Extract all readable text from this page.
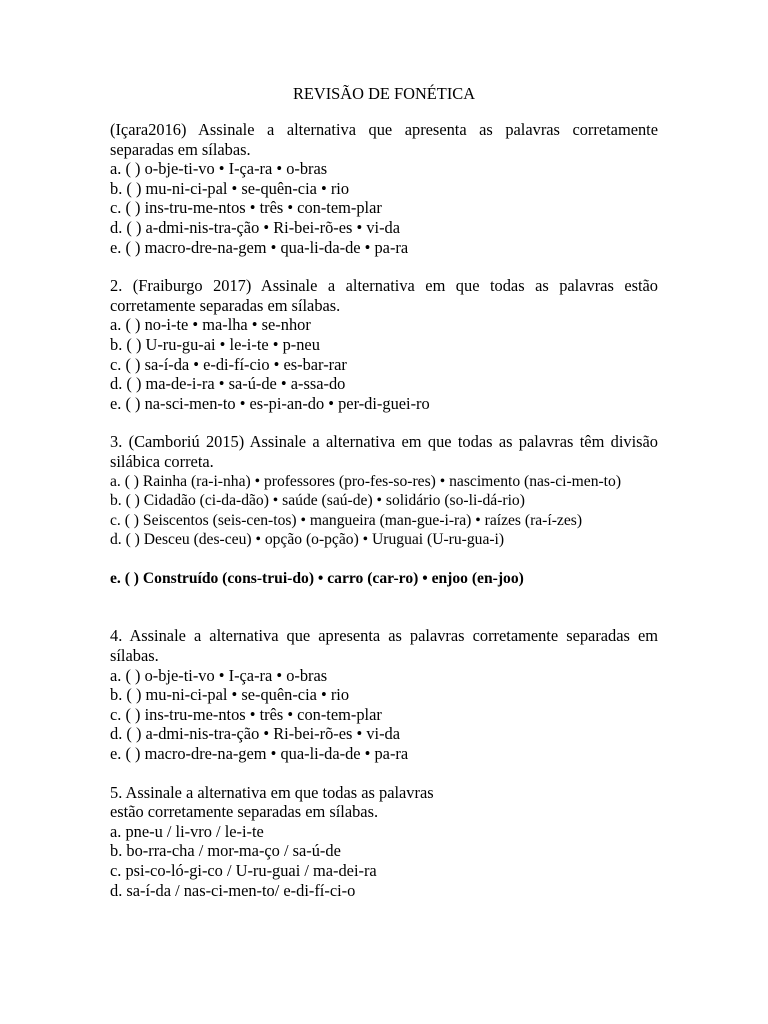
REVISÃO DE FONÉTICA
(Içara2016) Assinale a alternativa que apresenta as palavras corretamente separadas em sílabas.
a. ( ) o-bje-ti-vo • I-ça-ra • o-bras
b. ( ) mu-ni-ci-pal • se-quên-cia • rio
c. ( ) ins-tru-me-ntos • três • con-tem-plar
d. ( ) a-dmi-nis-tra-ção • Ri-bei-rõ-es • vi-da
e. ( ) macro-dre-na-gem • qua-li-da-de • pa-ra
2. (Fraiburgo 2017) Assinale a alternativa em que todas as palavras estão corretamente separadas em sílabas.
a. ( ) no-i-te • ma-lha • se-nhor
b. ( ) U-ru-gu-ai • le-i-te • p-neu
c. ( ) sa-í-da • e-di-fí-cio • es-bar-rar
d. ( ) ma-de-i-ra • sa-ú-de • a-ssa-do
e. ( ) na-sci-men-to • es-pi-an-do • per-di-guei-ro
3. (Camboriú 2015) Assinale a alternativa em que todas as palavras têm divisão silábica correta.
a. ( ) Rainha (ra-i-nha) • professores (pro-fes-so-res) • nascimento (nas-ci-men-to)
b. ( ) Cidadão (ci-da-dão) • saúde (saú-de) • solidário (so-li-dá-rio)
c. ( ) Seiscentos (seis-cen-tos) • mangueira (man-gue-i-ra) • raízes (ra-í-zes)
d. ( ) Desceu (des-ceu) • opção (o-pção) • Uruguai (U-ru-gua-i)
e. ( ) Construído (cons-trui-do) • carro (car-ro) • enjoo (en-joo)
4. Assinale a alternativa que apresenta as palavras corretamente separadas em sílabas.
a. ( ) o-bje-ti-vo • I-ça-ra • o-bras
b. ( ) mu-ni-ci-pal • se-quên-cia • rio
c. ( ) ins-tru-me-ntos • três • con-tem-plar
d. ( ) a-dmi-nis-tra-ção • Ri-bei-rõ-es • vi-da
e. ( ) macro-dre-na-gem • qua-li-da-de • pa-ra
5. Assinale a alternativa em que todas as palavras
estão corretamente separadas em sílabas.
a. pne-u / li-vro / le-i-te
b. bo-rra-cha / mor-ma-ço / sa-ú-de
c. psi-co-ló-gi-co / U-ru-guai / ma-dei-ra
d. sa-í-da / nas-ci-men-to/ e-di-fí-ci-o
